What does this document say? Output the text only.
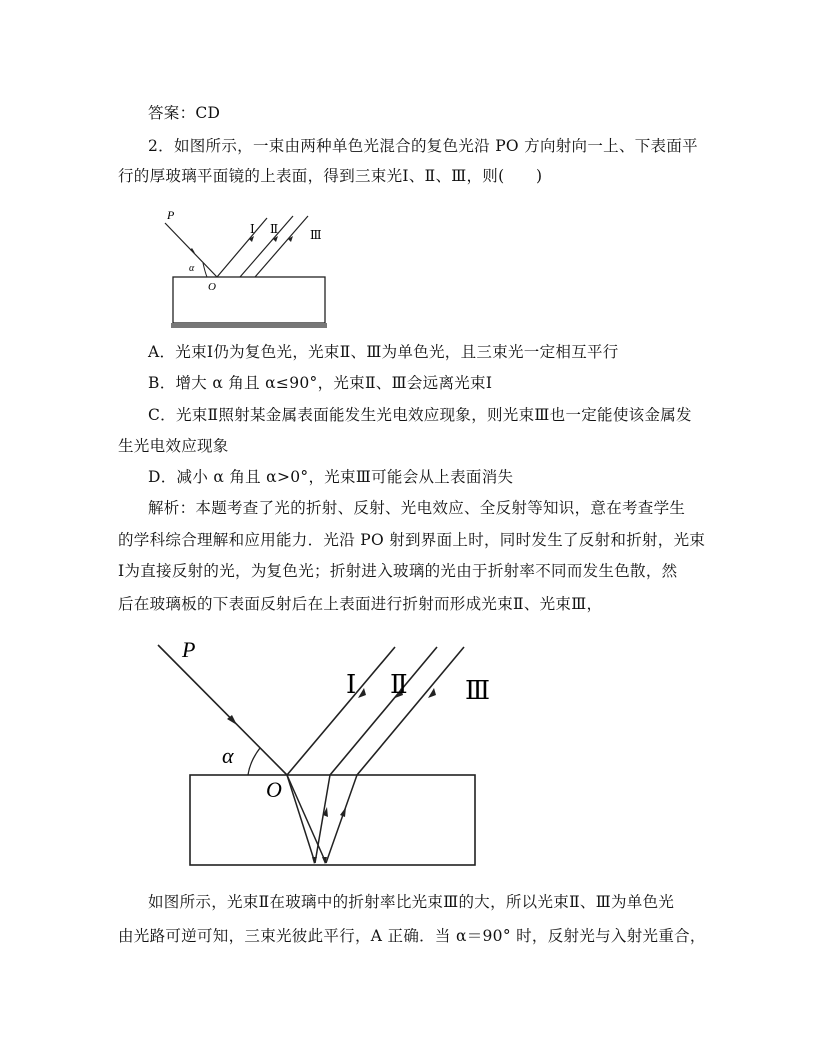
答案：CD
2．如图所示，一束由两种单色光混合的复色光沿 PO 方向射向一上、下表面平
行的厚玻璃平面镜的上表面，得到三束光Ⅰ、Ⅱ、Ⅲ，则(　　)
P
α
O
Ⅰ Ⅱ	Ⅲ
A．光束Ⅰ仍为复色光，光束Ⅱ、Ⅲ为单色光，且三束光一定相互平行
B．增大 α 角且 α≤90°，光束Ⅱ、Ⅲ会远离光束Ⅰ
C．光束Ⅱ照射某金属表面能发生光电效应现象，则光束Ⅲ也一定能使该金属发
生光电效应现象
D．减小 α 角且 α>0°，光束Ⅲ可能会从上表面消失
解析：本题考查了光的折射、反射、光电效应、全反射等知识，意在考查学生
的学科综合理解和应用能力．光沿 PO 射到界面上时，同时发生了反射和折射，光束
Ⅰ为直接反射的光，为复色光；折射进入玻璃的光由于折射率不同而发生色散，然
后在玻璃板的下表面反射后在上表面进行折射而形成光束Ⅱ、光束Ⅲ，
P
α
O
Ⅰ Ⅱ Ⅲ
如图所示，光束Ⅱ在玻璃中的折射率比光束Ⅲ的大，所以光束Ⅱ、Ⅲ为单色光
由光路可逆可知，三束光彼此平行，A 正确．当 α＝90° 时，反射光与入射光重合，
